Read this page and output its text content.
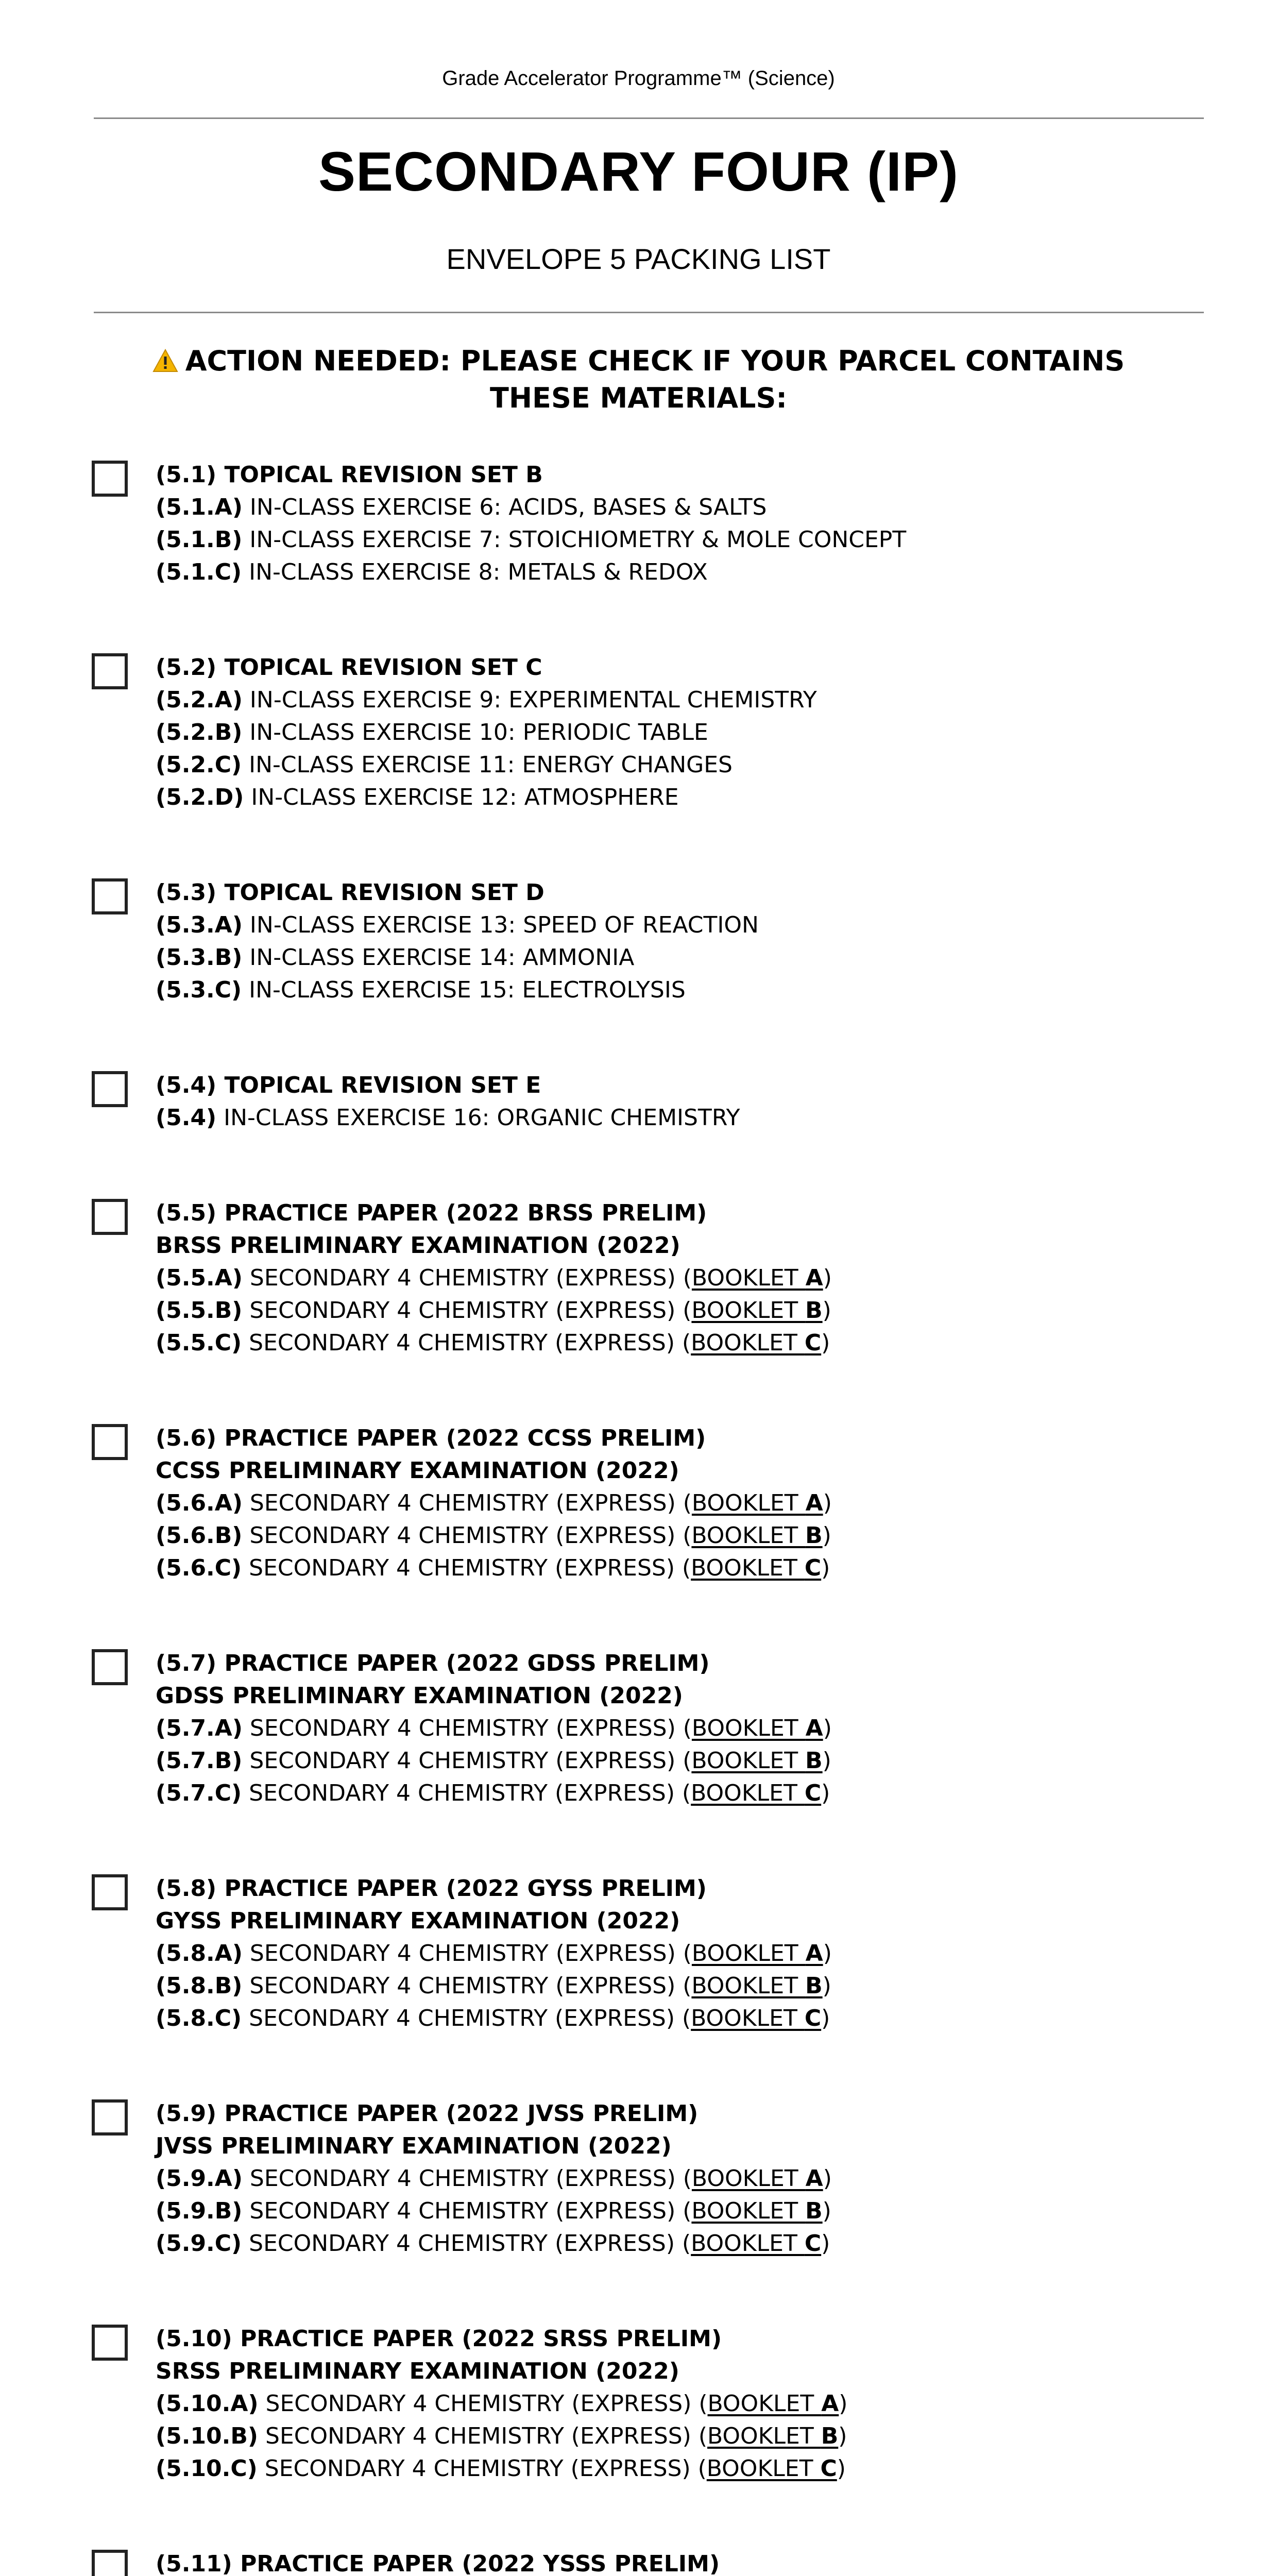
Grade Accelerator Programme™ (Science)
SECONDARY FOUR (IP)
ENVELOPE 5 PACKING LIST
ACTION NEEDED: PLEASE CHECK IF YOUR PARCEL CONTAINS THESE MATERIALS:
(5.1) TOPICAL REVISION SET B
(5.1.A) IN-CLASS EXERCISE 6: ACIDS, BASES & SALTS
(5.1.B) IN-CLASS EXERCISE 7: STOICHIOMETRY & MOLE CONCEPT
(5.1.C) IN-CLASS EXERCISE 8: METALS & REDOX
(5.2) TOPICAL REVISION SET C
(5.2.A) IN-CLASS EXERCISE 9: EXPERIMENTAL CHEMISTRY
(5.2.B) IN-CLASS EXERCISE 10: PERIODIC TABLE
(5.2.C) IN-CLASS EXERCISE 11: ENERGY CHANGES
(5.2.D) IN-CLASS EXERCISE 12: ATMOSPHERE
(5.3) TOPICAL REVISION SET D
(5.3.A) IN-CLASS EXERCISE 13: SPEED OF REACTION
(5.3.B) IN-CLASS EXERCISE 14: AMMONIA
(5.3.C) IN-CLASS EXERCISE 15: ELECTROLYSIS
(5.4) TOPICAL REVISION SET E
(5.4) IN-CLASS EXERCISE 16: ORGANIC CHEMISTRY
(5.5) PRACTICE PAPER (2022 BRSS PRELIM)
BRSS PRELIMINARY EXAMINATION (2022)
(5.5.A) SECONDARY 4 CHEMISTRY (EXPRESS) (BOOKLET A)
(5.5.B) SECONDARY 4 CHEMISTRY (EXPRESS) (BOOKLET B)
(5.5.C) SECONDARY 4 CHEMISTRY (EXPRESS) (BOOKLET C)
(5.6) PRACTICE PAPER (2022 CCSS PRELIM)
CCSS PRELIMINARY EXAMINATION (2022)
(5.6.A) SECONDARY 4 CHEMISTRY (EXPRESS) (BOOKLET A)
(5.6.B) SECONDARY 4 CHEMISTRY (EXPRESS) (BOOKLET B)
(5.6.C) SECONDARY 4 CHEMISTRY (EXPRESS) (BOOKLET C)
(5.7) PRACTICE PAPER (2022 GDSS PRELIM)
GDSS PRELIMINARY EXAMINATION (2022)
(5.7.A) SECONDARY 4 CHEMISTRY (EXPRESS) (BOOKLET A)
(5.7.B) SECONDARY 4 CHEMISTRY (EXPRESS) (BOOKLET B)
(5.7.C) SECONDARY 4 CHEMISTRY (EXPRESS) (BOOKLET C)
(5.8) PRACTICE PAPER (2022 GYSS PRELIM)
GYSS PRELIMINARY EXAMINATION (2022)
(5.8.A) SECONDARY 4 CHEMISTRY (EXPRESS) (BOOKLET A)
(5.8.B) SECONDARY 4 CHEMISTRY (EXPRESS) (BOOKLET B)
(5.8.C) SECONDARY 4 CHEMISTRY (EXPRESS) (BOOKLET C)
(5.9) PRACTICE PAPER (2022 JVSS PRELIM)
JVSS PRELIMINARY EXAMINATION (2022)
(5.9.A) SECONDARY 4 CHEMISTRY (EXPRESS) (BOOKLET A)
(5.9.B) SECONDARY 4 CHEMISTRY (EXPRESS) (BOOKLET B)
(5.9.C) SECONDARY 4 CHEMISTRY (EXPRESS) (BOOKLET C)
(5.10) PRACTICE PAPER (2022 SRSS PRELIM)
SRSS PRELIMINARY EXAMINATION (2022)
(5.10.A) SECONDARY 4 CHEMISTRY (EXPRESS) (BOOKLET A)
(5.10.B) SECONDARY 4 CHEMISTRY (EXPRESS) (BOOKLET B)
(5.10.C) SECONDARY 4 CHEMISTRY (EXPRESS) (BOOKLET C)
(5.11) PRACTICE PAPER (2022 YSSS PRELIM)
